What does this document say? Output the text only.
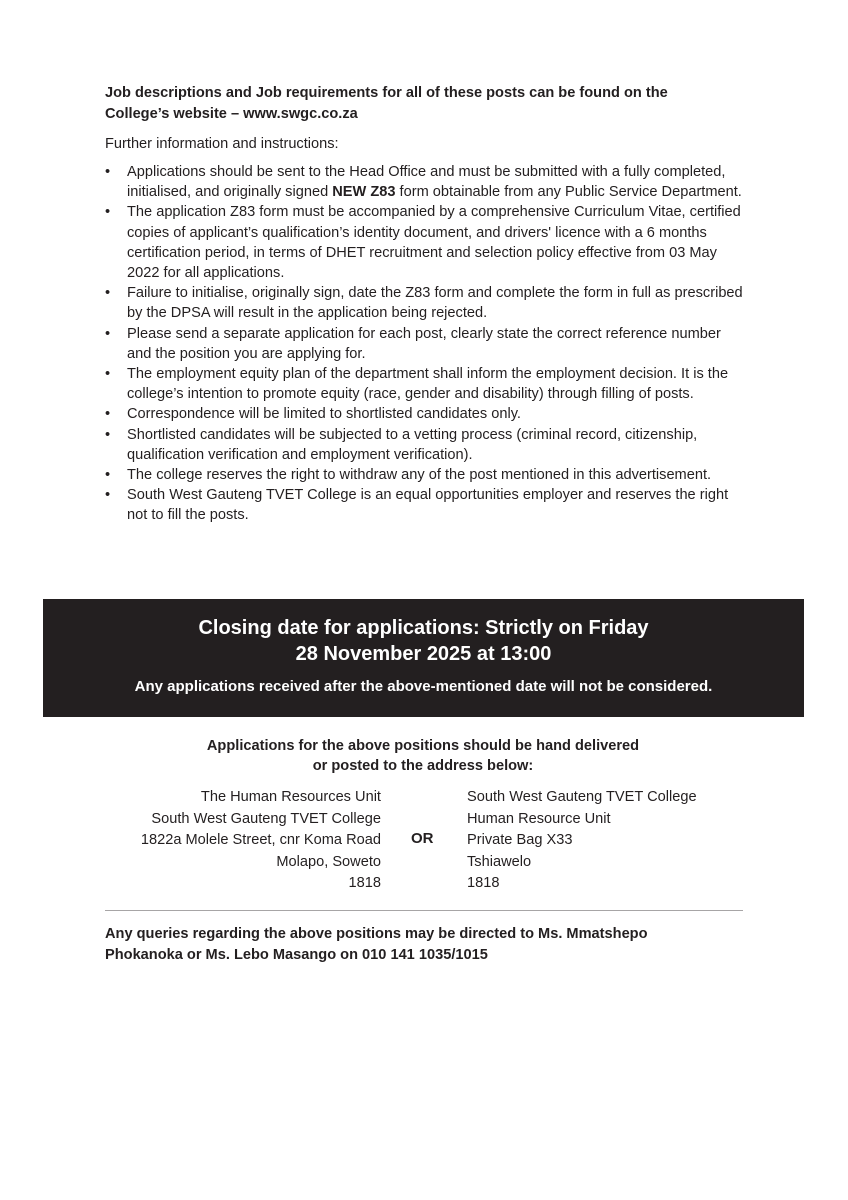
Job descriptions and Job requirements for all of these posts can be found on the
College’s website – www.swgc.co.za

Further information and instructions:

• Applications should be sent to the Head Office and must be submitted with a fully completed, initialised, and originally signed NEW Z83 form obtainable from any Public Service Department.
• The application Z83 form must be accompanied by a comprehensive Curriculum Vitae, certified copies of applicant’s qualification’s identity document, and drivers' licence with a 6 months certification period, in terms of DHET recruitment and selection policy effective from 03 May 2022 for all applications.
• Failure to initialise, originally sign, date the Z83 form and complete the form in full as prescribed by the DPSA will result in the application being rejected.
• Please send a separate application for each post, clearly state the correct reference number and the position you are applying for.
• The employment equity plan of the department shall inform the employment decision. It is the college’s intention to promote equity (race, gender and disability) through filling of posts.
• Correspondence will be limited to shortlisted candidates only.
• Shortlisted candidates will be subjected to a vetting process (criminal record, citizenship, qualification verification and employment verification).
• The college reserves the right to withdraw any of the post mentioned in this advertisement.
• South West Gauteng TVET College is an equal opportunities employer and reserves the right not to fill the posts.
Closing date for applications: Strictly on Friday
28 November 2025 at 13:00
Any applications received after the above-mentioned date will not be considered.
Applications for the above positions should be hand delivered
or posted to the address below:
The Human Resources Unit
South West Gauteng TVET College
1822a Molele Street, cnr Koma Road
Molapo, Soweto
1818
OR
South West Gauteng TVET College
Human Resource Unit
Private Bag X33
Tshiawelo
1818
Any queries regarding the above positions may be directed to Ms. Mmatshepo
Phokanoka or Ms. Lebo Masango on 010 141 1035/1015
